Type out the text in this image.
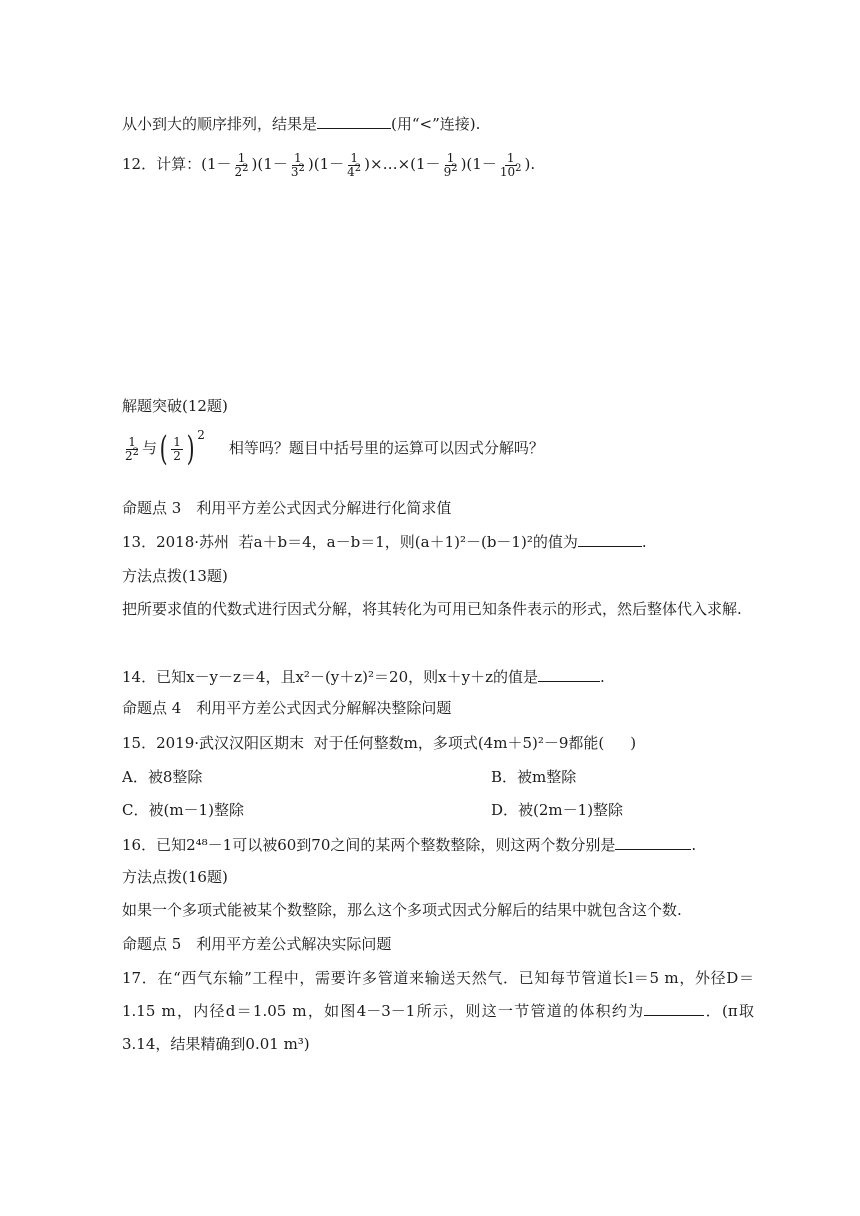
从小到大的顺序排列，结果是	(用“<”连接).
12．计算：$(1- \frac{1}{2^2} )(1- \frac{1}{3^2} )(1- \frac{1}{4^2}$ )×…×(1－ $\frac{1}{9^2} )(1- \frac{1}{10^2}$ ).
解题突破(12题)
$\frac{1}{2^2}$ 与( $\frac{1}{2}$ ) $^2$相等吗？题目中括号里的运算可以因式分解吗？
命题点 3　利用平方差公式因式分解进行化简求值
13．2018·苏州 若a＋b＝4，a－b＝1，则(a＋1)²－(b－1)²的值为	.
方法点拨(13题)
把所要求值的代数式进行因式分解，将其转化为可用已知条件表示的形式，然后整体代入求解.
14．已知x－y－z＝4，且x²－(y＋z)²＝20，则x＋y＋z的值是	.
命题点 4　利用平方差公式因式分解解决整除问题
15．2019·武汉汉阳区期末 对于任何整数m，多项式(4m＋5)²－9都能( )
A．被8整除	B．被m整除
C．被(m－1)整除	D．被(2m－1)整除
16．已知2⁴⁸－1可以被60到70之间的某两个整数整除，则这两个数分别是	.
方法点拨(16题)
如果一个多项式能被某个数整除，那么这个多项式因式分解后的结果中就包含这个数.
命题点 5　利用平方差公式解决实际问题
17．在“西气东输”工程中，需要许多管道来输送天然气．已知每节管道长l＝5 m，外径D＝1.15 m，内径d＝1.05 m，如图4－3－1所示，则这一节管道的体积约为	．(π取3.14，结果精确到0.01 m³)
